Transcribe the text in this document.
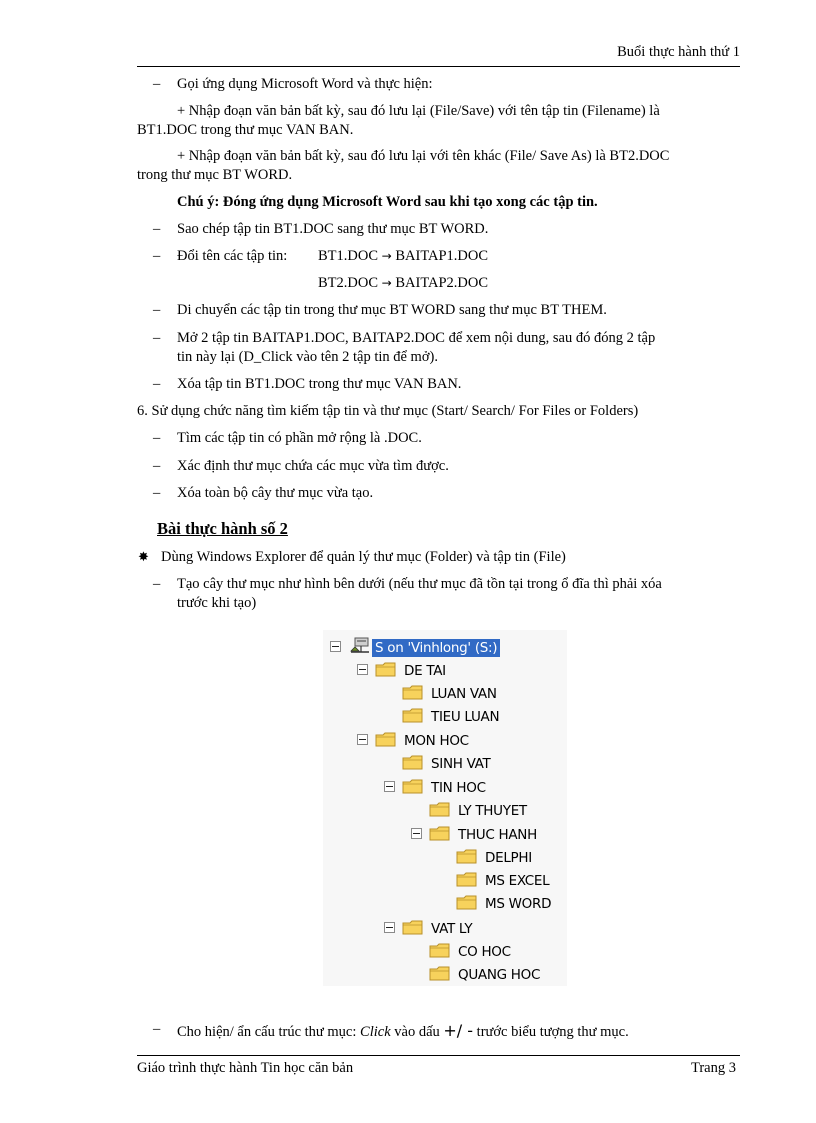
Buổi thực hành thứ 1
– Gọi ứng dụng Microsoft Word và thực hiện:
+ Nhập đoạn văn bản bất kỳ, sau đó lưu lại (File/Save) với tên tập tin (Filename) là
BT1.DOC trong thư mục VAN BAN.
+ Nhập đoạn văn bản bất kỳ, sau đó lưu lại với tên khác (File/ Save As) là BT2.DOC
trong thư mục BT WORD.
Chú ý: Đóng ứng dụng Microsoft Word sau khi tạo xong các tập tin.
– Sao chép tập tin BT1.DOC sang thư mục BT WORD.
– Đổi tên các tập tin: BT1.DOC → BAITAP1.DOC
BT2.DOC → BAITAP2.DOC
– Di chuyển các tập tin trong thư mục BT WORD sang thư mục BT THEM.
– Mở 2 tập tin BAITAP1.DOC, BAITAP2.DOC để xem nội dung, sau đó đóng 2 tập
tin này lại (D_Click vào tên 2 tập tin để mở).
– Xóa tập tin BT1.DOC trong thư mục VAN BAN.
6. Sử dụng chức năng tìm kiếm tập tin và thư mục (Start/ Search/ For Files or Folders)
– Tìm các tập tin có phần mở rộng là .DOC.
– Xác định thư mục chứa các mục vừa tìm được.
– Xóa toàn bộ cây thư mục vừa tạo.
Bài thực hành số 2
✸ Dùng Windows Explorer để quản lý thư mục (Folder) và tập tin (File)
– Tạo cây thư mục như hình bên dưới (nếu thư mục đã tồn tại trong ổ đĩa thì phải xóa
trước khi tạo)
S on 'Vinhlong' (S:)
DE TAI
LUAN VAN
TIEU LUAN
MON HOC
SINH VAT
TIN HOC
LY THUYET
THUC HANH
DELPHI
MS EXCEL
MS WORD
VAT LY
CO HOC
QUANG HOC
– Cho hiện/ ẩn cấu trúc thư mục: Click vào dấu +/ - trước biểu tượng thư mục.
Giáo trình thực hành Tin học căn bản	Trang 3
